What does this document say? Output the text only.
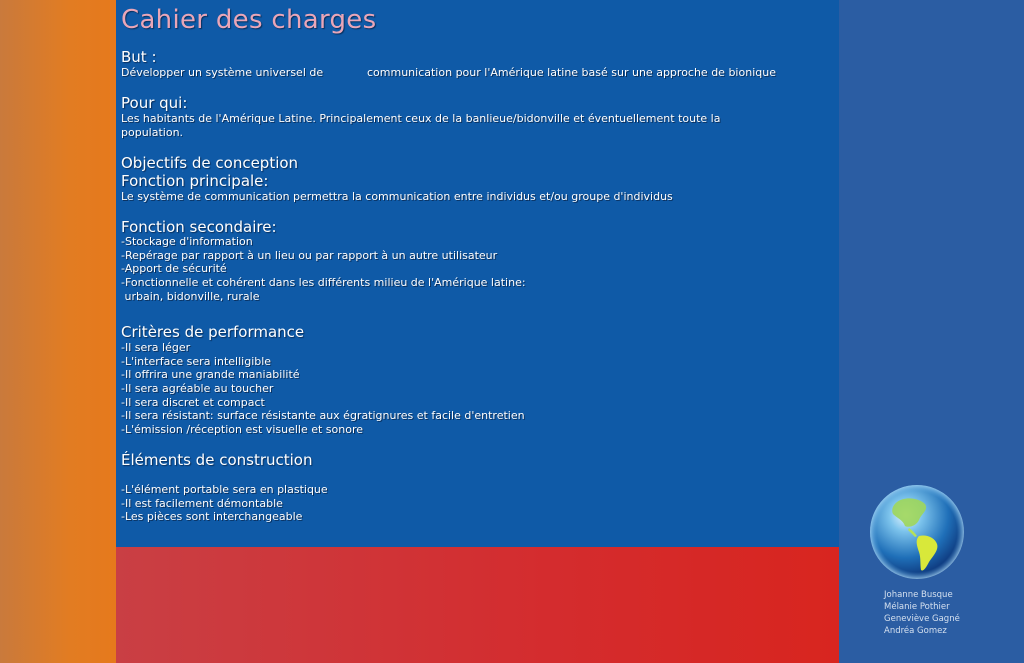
Cahier des charges
But :
Développer un système universel de	communication pour l'Amérique latine basé sur une approche de bionique
Pour qui:
Les habitants de l'Amérique Latine. Principalement ceux de la banlieue/bidonville et éventuellement toute la
population.
Objectifs de conception
Fonction principale:
Le système de communication permettra la communication entre individus et/ou groupe d'individus
Fonction secondaire:
-Stockage d'information
-Repérage par rapport à un lieu ou par rapport à un autre utilisateur
-Apport de sécurité
-Fonctionnelle et cohérent dans les différents milieu de l'Amérique latine:
urbain, bidonville, rurale
Critères de performance
-Il sera léger
-L'interface sera intelligible
-Il offrira une grande maniabilité
-Il sera agréable au toucher
-Il sera discret et compact
-Il sera résistant: surface résistante aux égratignures et facile d'entretien
-L'émission /réception est visuelle et sonore
Éléments de construction
-L'élément portable sera en plastique
-Il est facilement démontable
-Les pièces sont interchangeable
Johanne Busque
Mélanie Pothier
Geneviève Gagné
Andréa Gomez
